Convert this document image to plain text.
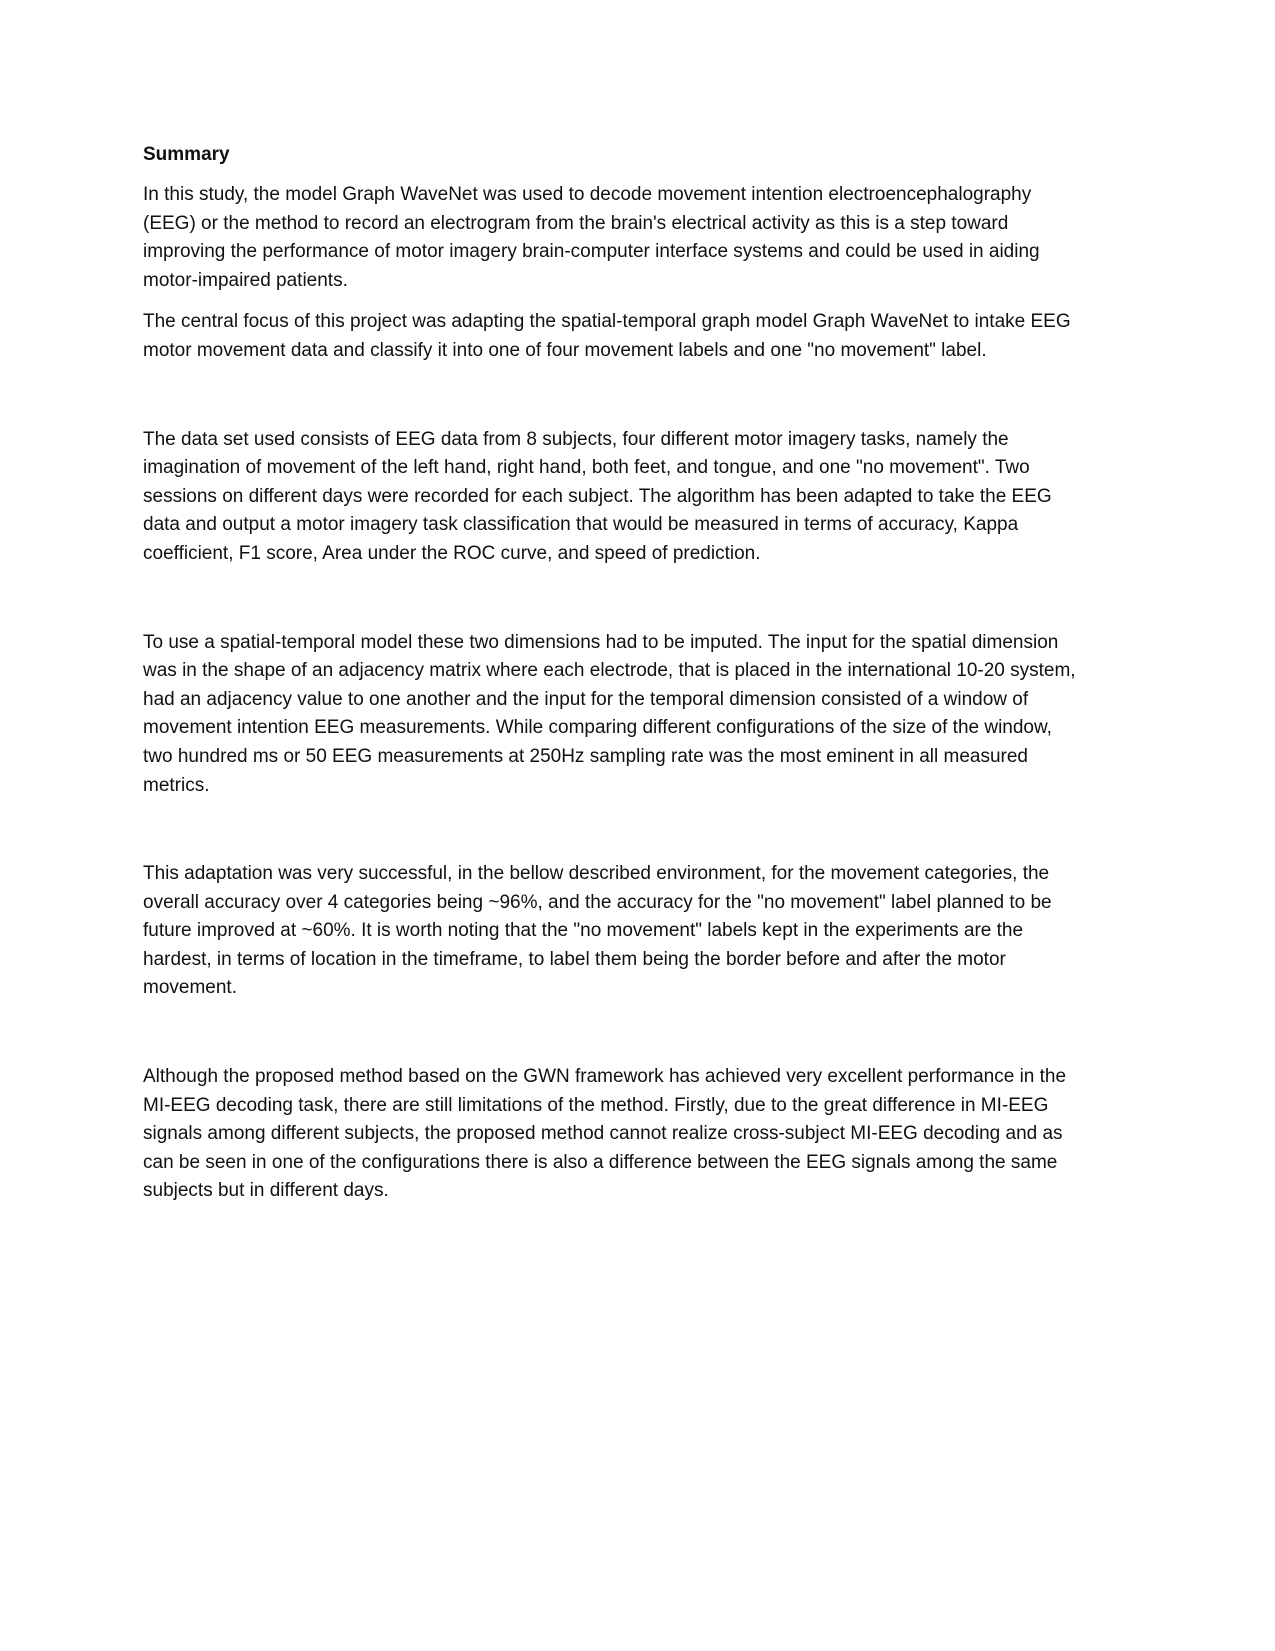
Summary

In this study, the model Graph WaveNet was used to decode movement intention electroencephalography (EEG) or the method to record an electrogram from the brain's electrical activity as this is a step toward improving the performance of motor imagery brain-computer interface systems and could be used in aiding motor-impaired patients.

The central focus of this project was adapting the spatial-temporal graph model Graph WaveNet to intake EEG motor movement data and classify it into one of four movement labels and one "no movement" label.

The data set used consists of EEG data from 8 subjects, four different motor imagery tasks, namely the imagination of movement of the left hand, right hand, both feet, and tongue, and one "no movement". Two sessions on different days were recorded for each subject. The algorithm has been adapted to take the EEG data and output a motor imagery task classification that would be measured in terms of accuracy, Kappa coefficient, F1 score, Area under the ROC curve, and speed of prediction.

To use a spatial-temporal model these two dimensions had to be imputed. The input for the spatial dimension was in the shape of an adjacency matrix where each electrode, that is placed in the international 10-20 system, had an adjacency value to one another and the input for the temporal dimension consisted of a window of movement intention EEG measurements. While comparing different configurations of the size of the window, two hundred ms or 50 EEG measurements at 250Hz sampling rate was the most eminent in all measured metrics.

This adaptation was very successful, in the bellow described environment, for the movement categories, the overall accuracy over 4 categories being ~96%, and the accuracy for the "no movement" label planned to be future improved at ~60%. It is worth noting that the "no movement" labels kept in the experiments are the hardest, in terms of location in the timeframe, to label them being the border before and after the motor movement.

Although the proposed method based on the GWN framework has achieved very excellent performance in the MI-EEG decoding task, there are still limitations of the method. Firstly, due to the great difference in MI-EEG signals among different subjects, the proposed method cannot realize cross-subject MI-EEG decoding and as can be seen in one of the configurations there is also a difference between the EEG signals among the same subjects but in different days.
